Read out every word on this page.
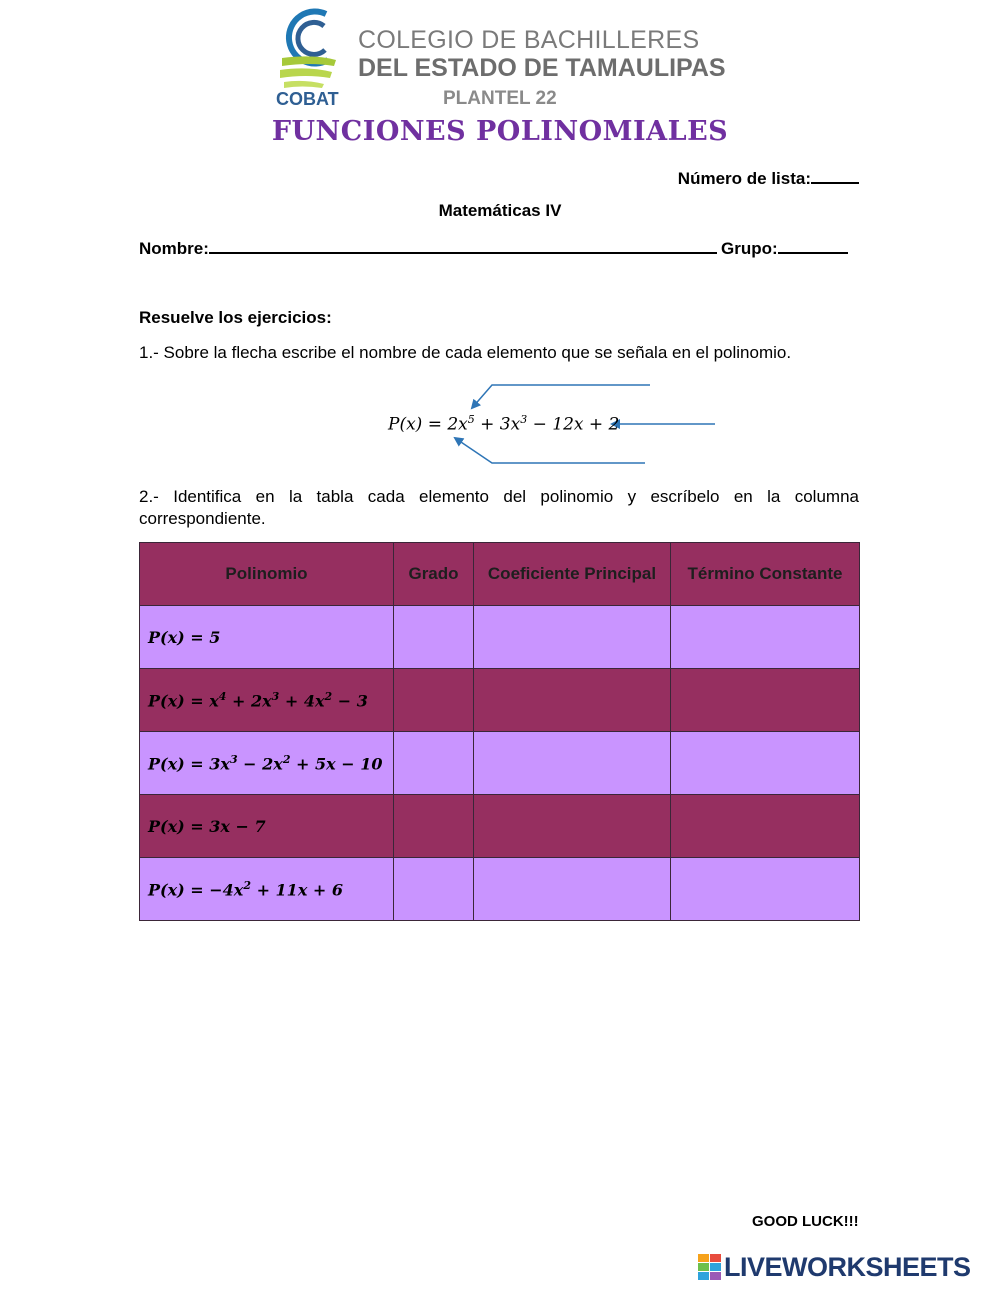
COBAT
COLEGIO DE BACHILLERES
DEL ESTADO DE TAMAULIPAS
PLANTEL 22
FUNCIONES POLINOMIALES
Número de lista:
Matemáticas IV
Nombre:	Grupo:
Resuelve los ejercicios:
1.- Sobre la flecha escribe el nombre de cada elemento que se señala en el polinomio.
$P(x) = 2x^5 + 3x^3 - 12x + 2$
2.- Identifica en la tabla cada elemento del polinomio y escríbelo en la columna correspondiente.
Polinomio	Grado	Coeficiente Principal	Término Constante
P(x) = 5			
$P(x) = x^4 + 2x^3 + 4x^2 - 3$			
$P(x) = 3x^3 - 2x^2 + 5x - 10$			
P(x) = 3x − 7			
$P(x) = -4x^2 + 11x + 6$			
GOOD LUCK!!!
LIVEWORKSHEETS
